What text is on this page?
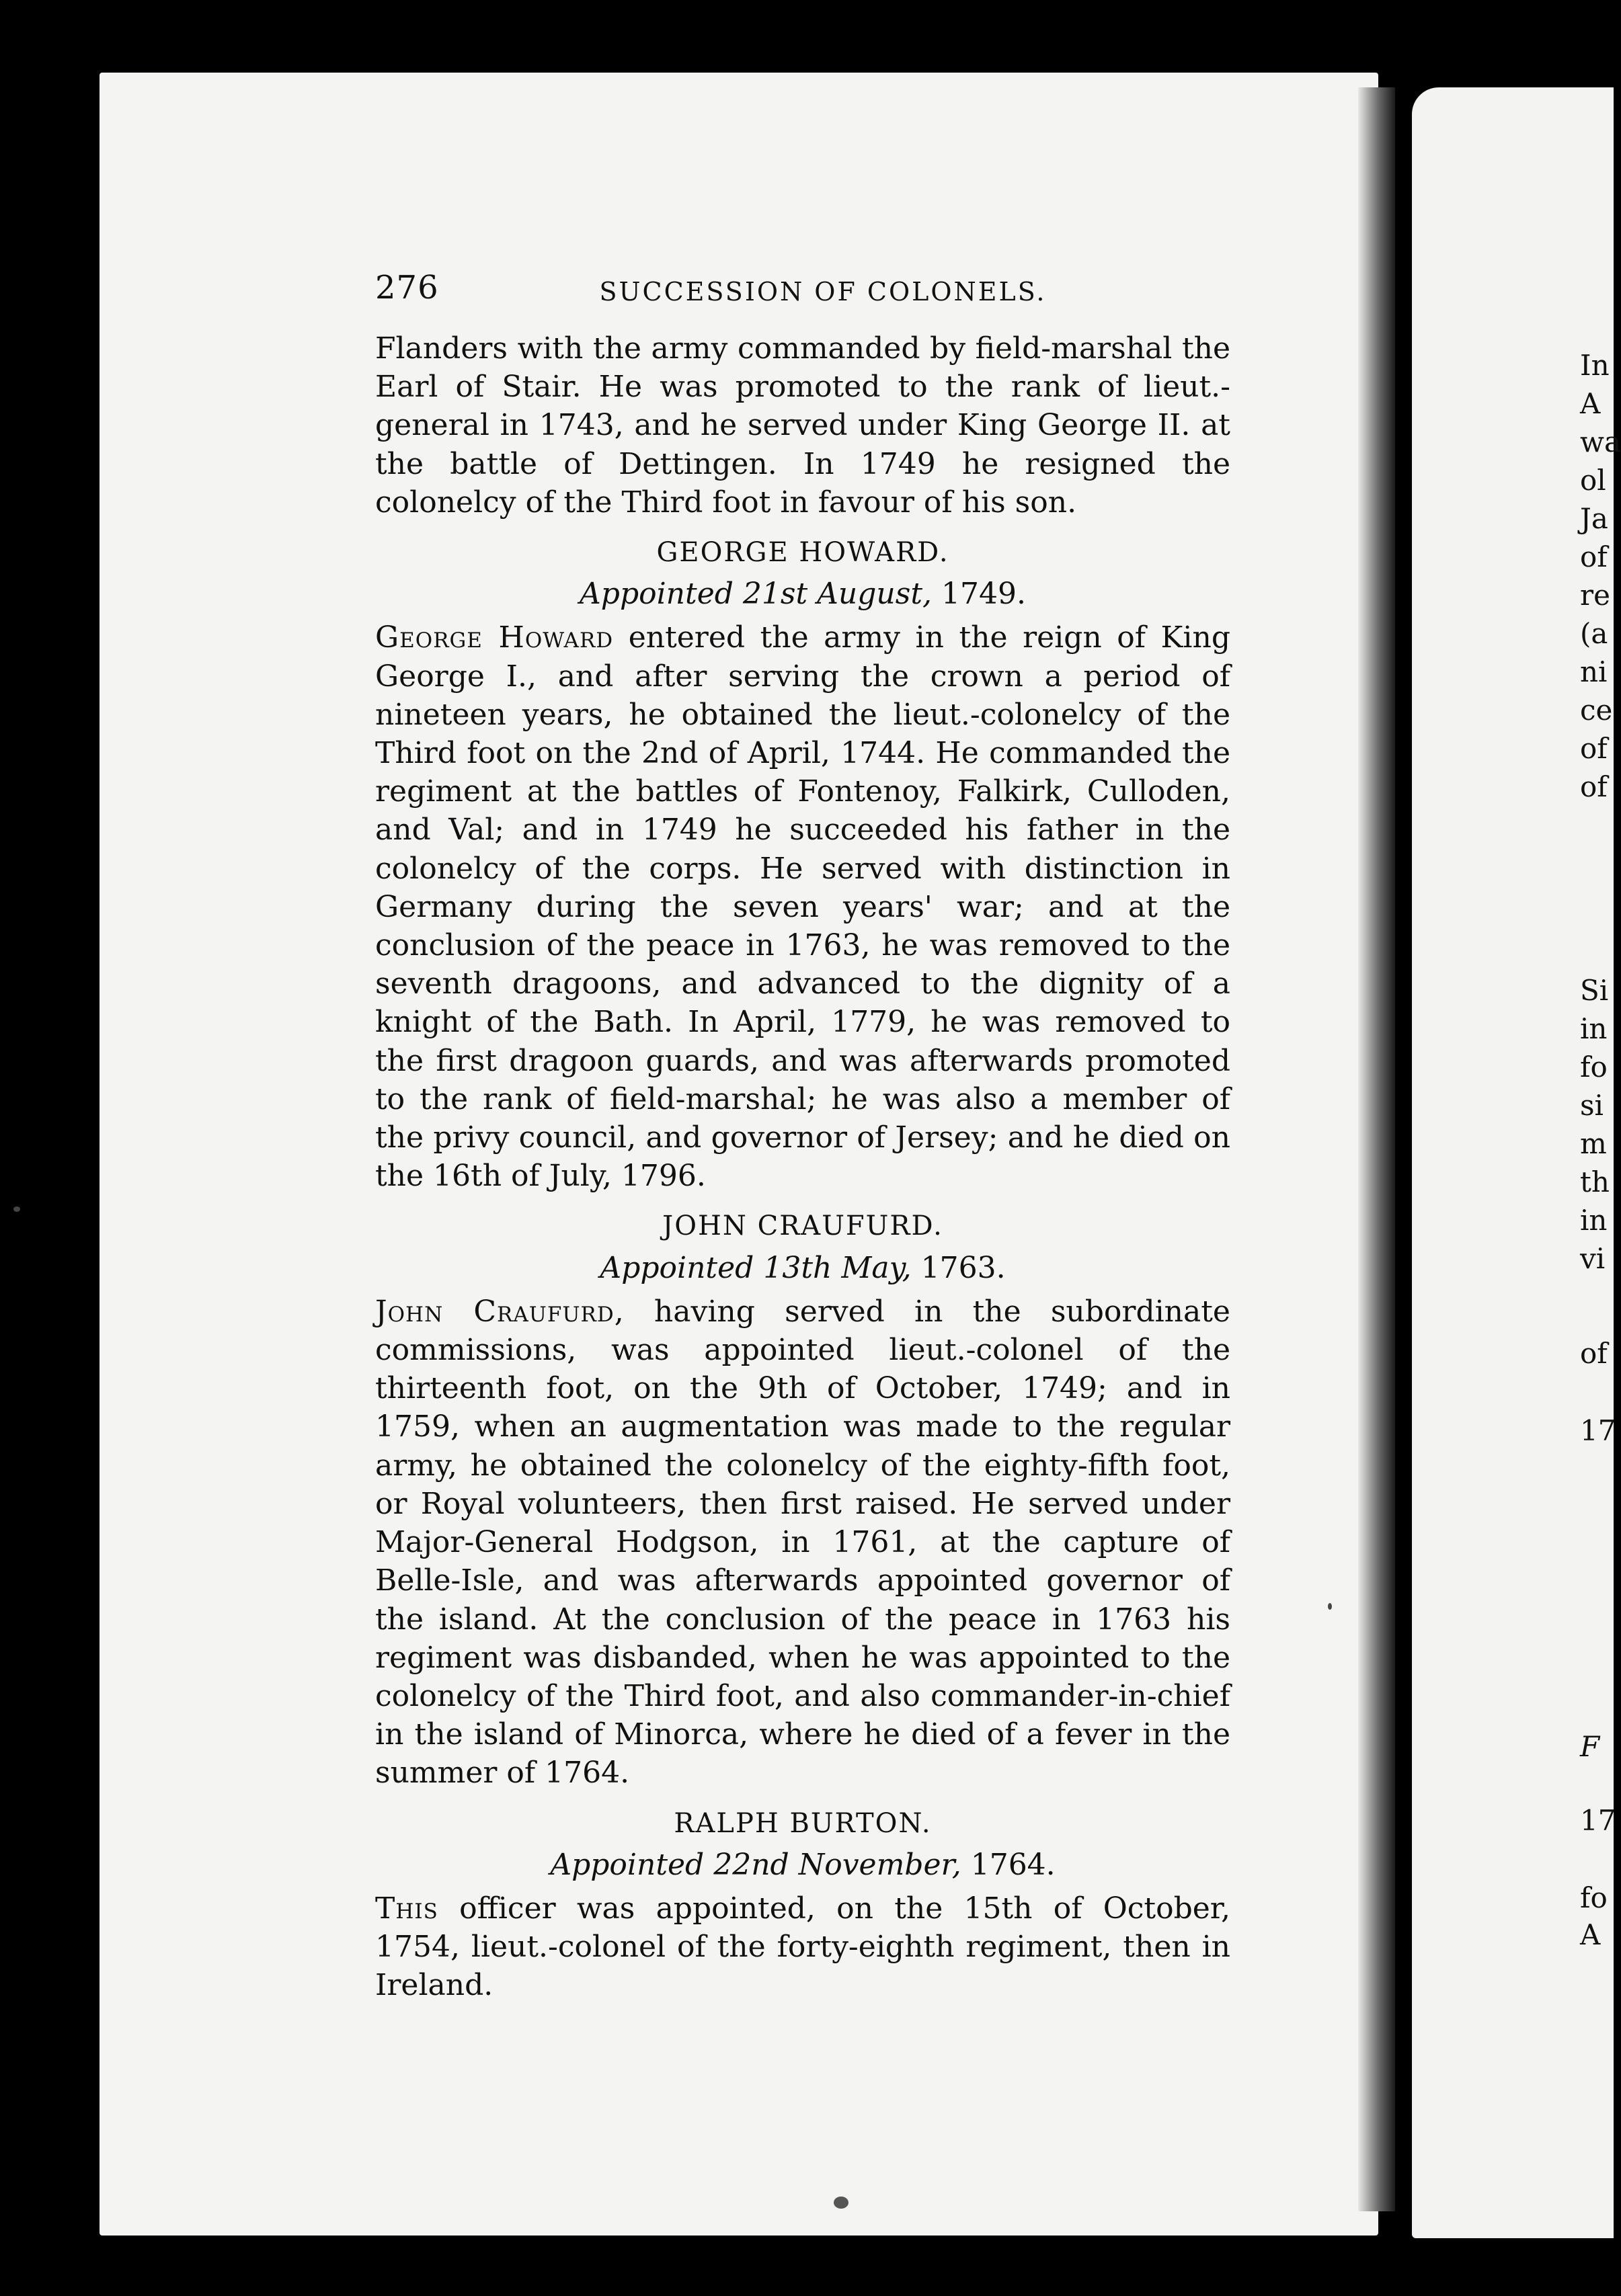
276	SUCCESSION OF COLONELS.

Flanders with the army commanded by field-marshal the Earl of Stair. He was promoted to the rank of lieut.-general in 1743, and he served under King George II. at the battle of Dettingen. In 1749 he resigned the colonelcy of the Third foot in favour of his son.

GEORGE HOWARD.
Appointed 21st August, 1749.

George Howard entered the army in the reign of King George I., and after serving the crown a period of nineteen years, he obtained the lieut.-colonelcy of the Third foot on the 2nd of April, 1744. He commanded the regiment at the battles of Fontenoy, Falkirk, Culloden, and Val; and in 1749 he succeeded his father in the colonelcy of the corps. He served with distinction in Germany during the seven years' war; and at the conclusion of the peace in 1763, he was removed to the seventh dragoons, and advanced to the dignity of a knight of the Bath. In April, 1779, he was removed to the first dragoon guards, and was afterwards promoted to the rank of field-marshal; he was also a member of the privy council, and governor of Jersey; and he died on the 16th of July, 1796.

JOHN CRAUFURD.
Appointed 13th May, 1763.

John Craufurd, having served in the subordinate commissions, was appointed lieut.-colonel of the thirteenth foot, on the 9th of October, 1749; and in 1759, when an augmentation was made to the regular army, he obtained the colonelcy of the eighty-fifth foot, or Royal volunteers, then first raised. He served under Major-General Hodgson, in 1761, at the capture of Belle-Isle, and was afterwards appointed governor of the island. At the conclusion of the peace in 1763 his regiment was disbanded, when he was appointed to the colonelcy of the Third foot, and also commander-in-chief in the island of Minorca, where he died of a fever in the summer of 1764.

RALPH BURTON.
Appointed 22nd November, 1764.

This officer was appointed, on the 15th of October, 1754, lieut.-colonel of the forty-eighth regiment, then in Ireland.

In
A
wa
ol
Ja
of
re
(a
ni
ce
of
of
Si
in
fo
si
m
th
in
vi
of
17
F
17
fo
A
